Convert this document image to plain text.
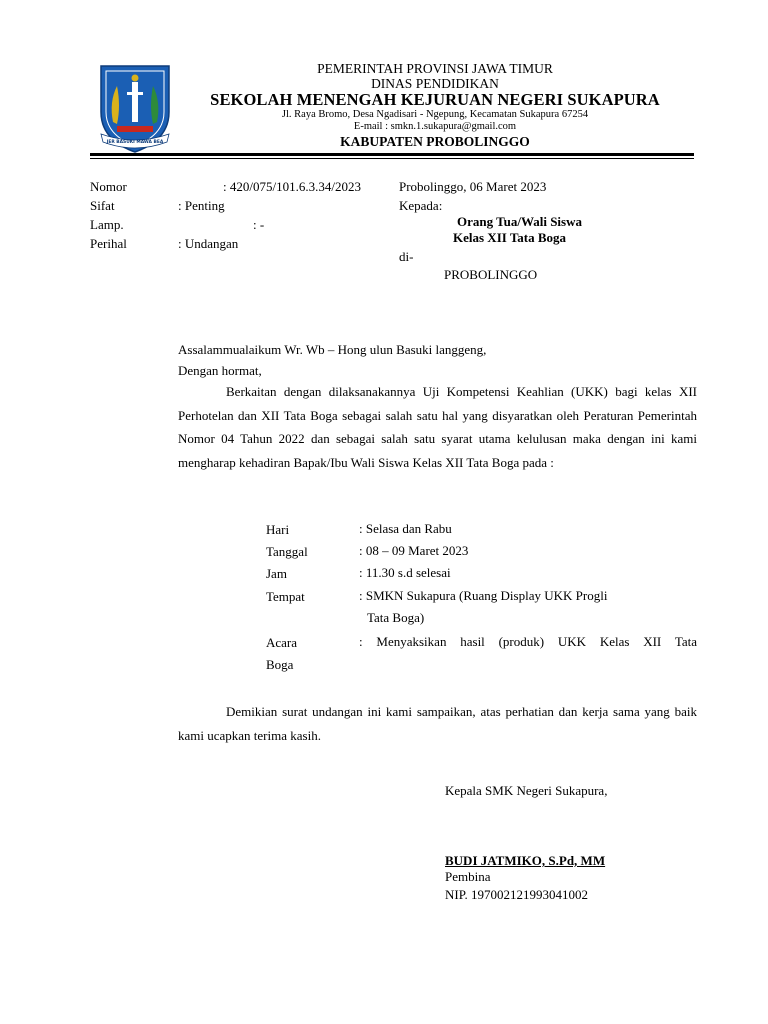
JER BASUKI MAWA BEA
PEMERINTAH PROVINSI JAWA TIMUR
DINAS PENDIDIKAN
SEKOLAH MENENGAH KEJURUAN NEGERI SUKAPURA
Jl. Raya Bromo, Desa Ngadisari - Ngepung, Kecamatan Sukapura 67254
E-mail : smkn.1.sukapura@gmail.com
KABUPATEN PROBOLINGGO
Nomor	: 420/075/101.6.3.34/2023
Sifat	: Penting
Lamp.	: -
Perihal	: Undangan
Probolinggo, 06 Maret 2023
Kepada:
Orang Tua/Wali Siswa
Kelas XII Tata Boga
di-
PROBOLINGGO
Assalammualaikum Wr. Wb – Hong ulun Basuki langgeng,
Dengan hormat,
Berkaitan dengan dilaksanakannya Uji Kompetensi Keahlian (UKK) bagi kelas XII Perhotelan dan XII Tata Boga sebagai salah satu hal yang disyaratkan oleh Peraturan Pemerintah Nomor 04 Tahun 2022 dan sebagai salah satu syarat utama kelulusan maka dengan ini kami mengharap kehadiran Bapak/Ibu Wali Siswa Kelas XII Tata Boga pada :
Hari	: Selasa dan Rabu
Tanggal	: 08 – 09 Maret 2023
Jam	: 11.30 s.d selesai
Tempat	: SMKN Sukapura (Ruang Display UKK Progli
Tata Boga)
Acara	: Menyaksikan hasil (produk) UKK Kelas XII Tata
Boga
Demikian surat undangan ini kami sampaikan, atas perhatian dan kerja sama yang baik kami ucapkan terima kasih.
Kepala SMK Negeri Sukapura,
BUDI JATMIKO, S.Pd, MM
Pembina
NIP. 197002121993041002
